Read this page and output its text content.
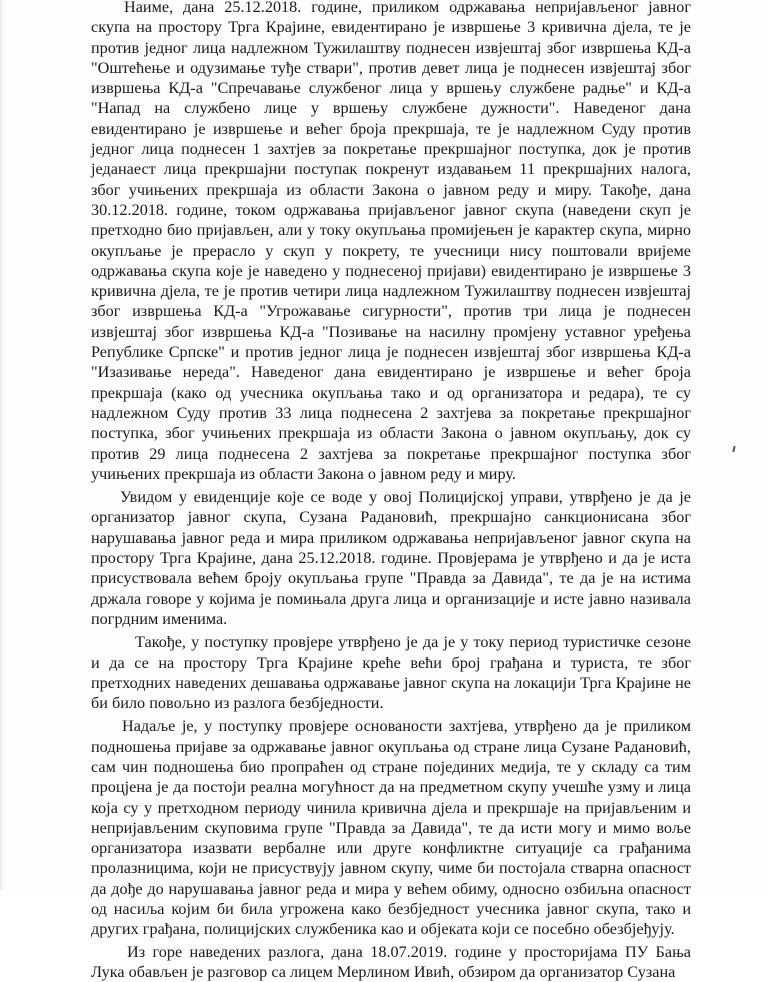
Наиме, дана 25.12.2018. године, приликом одржавања непријављеног јавног скупа на простору Трга Крајине, евидентирано је извршење 3 кривична дјела, те је против једног лица надлежном Тужилаштву поднесен извјештај због извршења КД-а "Оштећење и одузимање туђе ствари", против девет лица је поднесен извјештај због извршења КД-а "Спречавање службеног лица у вршењу службене радње" и КД-а "Напад на службено лице у вршењу службене дужности". Наведеног дана евидентирано је извршење и већег броја прекршаја, те је надлежном Суду против једног лица поднесен 1 захтјев за покретање прекршајног поступка, док је против једанаест лица прекршајни поступак покренут издавањем 11 прекршајних налога, због учињених прекршаја из области Закона о јавном реду и миру. Такође, дана 30.12.2018. године, током одржавања пријављеног јавног скупа (наведени скуп је претходно био пријављен, али у току окупљања промијењен је карактер скупа, мирно окупљање је прерасло у скуп у покрету, те учесници нису поштовали вријеме одржавања скупа које је наведено у поднесеној пријави) евидентирано је извршење 3 кривична дјела, те је против четири лица надлежном Тужилаштву поднесен извјештај због извршења КД-а "Угрожавање сигурности", против три лица је поднесен извјештај због извршења КД-а "Позивање на насилну промјену уставног уређења Републике Српске" и против једног лица је поднесен извјештај због извршења КД-а "Изазивање нереда". Наведеног дана евидентирано је извршење и већег броја прекршаја (како од учесника окупљања тако и од организатора и редара), те су надлежном Суду против 33 лица поднесена 2 захтјева за покретање прекршајног поступка, због учињених прекршаја из области Закона о јавном окупљању, док су против 29 лица поднесена 2 захтјева за покретање прекршајног поступка због учињених прекршаја из области Закона о јавном реду и миру.

Увидом у евиденције које се воде у овој Полицијској управи, утврђено је да је организатор јавног скупа, Сузана Радановић, прекршајно санкционисана због нарушавања јавног реда и мира приликом одржавања непријављеног јавног скупа на простору Трга Крајине, дана 25.12.2018. године. Провјерама је утврђено и да је иста присуствовала већем броју окупљања групе "Правда за Давида", те да је на истима држала говоре у којима је помињала друга лица и организације и исте јавно називала погрдним именима.

Такође, у поступку провјере утврђено је да је у току период туристичке сезоне и да се на простору Трга Крајине креће већи број грађана и туриста, те због претходних наведених дешавања одржавање јавног скупа на локацији Трга Крајине не би било повољно из разлога безбједности.

Надаље је, у поступку провјере основаности захтјева, утврђено да је приликом подношења пријаве за одржавање јавног окупљања од стране лица Сузане Радановић, сам чин подношења био пропраћен од стране појединих медија, те у складу са тим процјена је да постоји реална могућност да на предметном скупу учешће узму и лица која су у претходном периоду чинила кривична дјела и прекршаје на пријављеним и непријављеним скуповима групе "Правда за Давида", те да исти могу и мимо воље организатора изазвати вербалне или друге конфликтне ситуације са грађанима пролазницима, који не присуствују јавном скупу, чиме би постојала стварна опасност да дође до нарушавања јавног реда и мира у већем обиму, односно озбиљна опасност од насиља којим би била угрожена како безбједност учесника јавног скупа, тако и других грађана, полицијских службеника као и објеката који се посебно обезбјеђују.

Из горе наведених разлога, дана 18.07.2019. године у просторијама ПУ Бања Лука обављен је разговор са лицем Мерлином Ивић, обзиром да организатор Сузана
